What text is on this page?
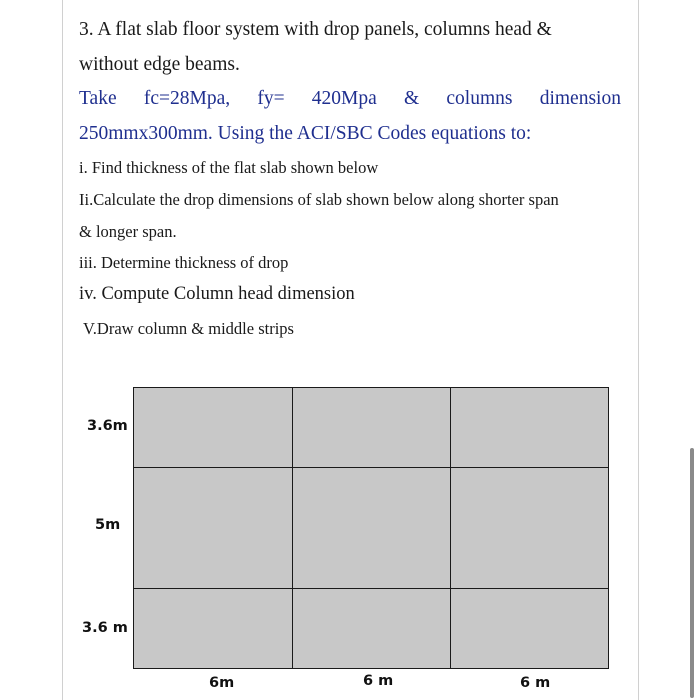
3. A flat slab floor system with drop panels, columns head &
without edge beams.
Take fc=28Mpa, fy= 420Mpa & columns dimension
250mmx300mm. Using the ACI/SBC Codes equations to:
i. Find thickness of the flat slab shown below
Ii.Calculate the drop dimensions of slab shown below along shorter span
& longer span.
iii. Determine thickness of drop
iv. Compute Column head dimension
V.Draw column & middle strips
3.6m
5m
3.6 m
6m	6 m	6 m
